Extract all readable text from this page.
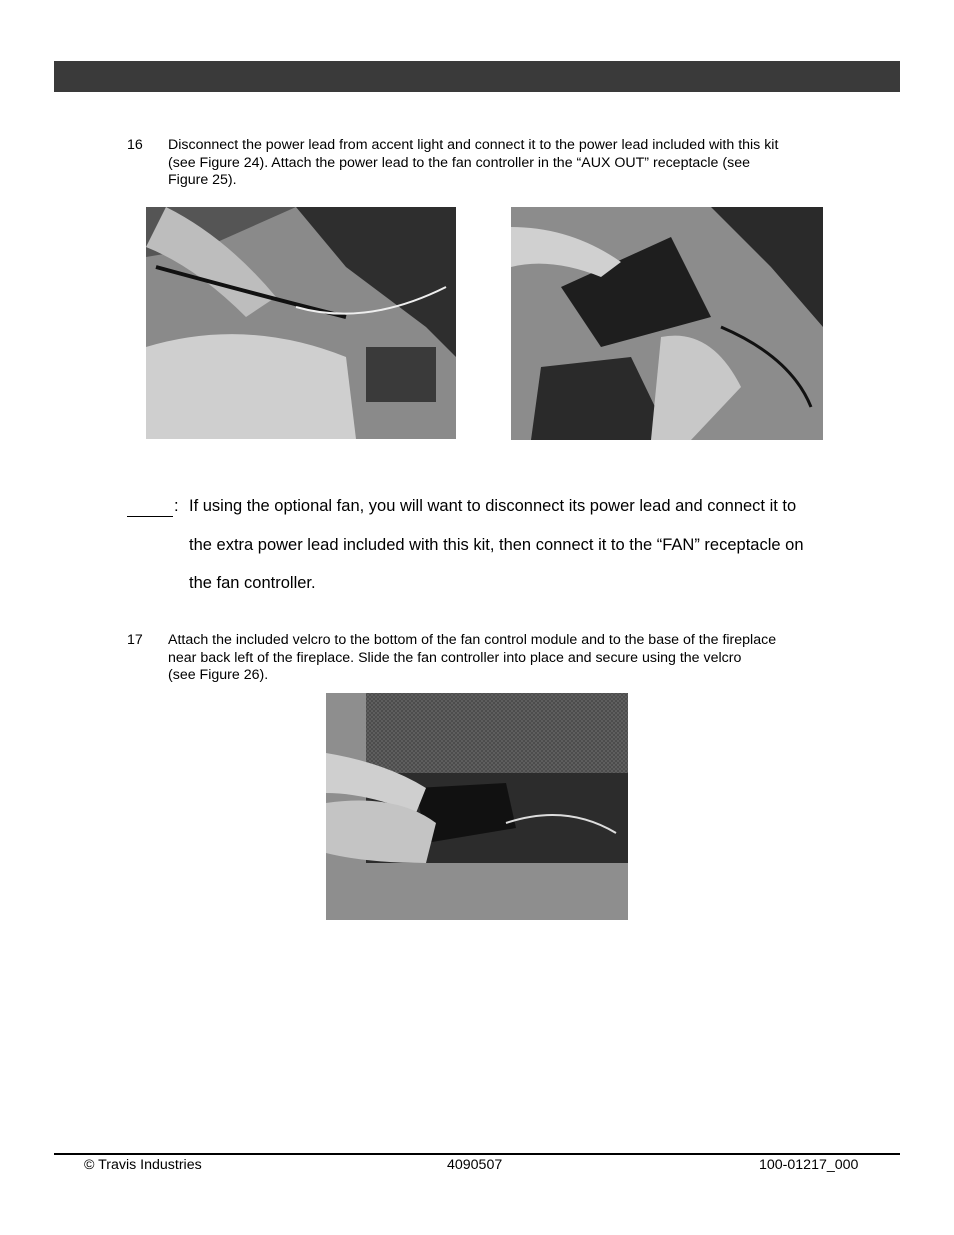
16 Disconnect the power lead from accent light and connect it to the power lead included with this kit
(see Figure 24). Attach the power lead to the fan controller in the “AUX OUT” receptacle (see
Figure 25).
: If using the optional fan, you will want to disconnect its power lead and connect it to
the extra power lead included with this kit, then connect it to the “FAN” receptacle on
the fan controller.
17 Attach the included velcro to the bottom of the fan control module and to the base of the fireplace
near back left of the fireplace. Slide the fan controller into place and secure using the velcro
(see Figure 26).
© Travis Industries	4090507	100-01217_000
